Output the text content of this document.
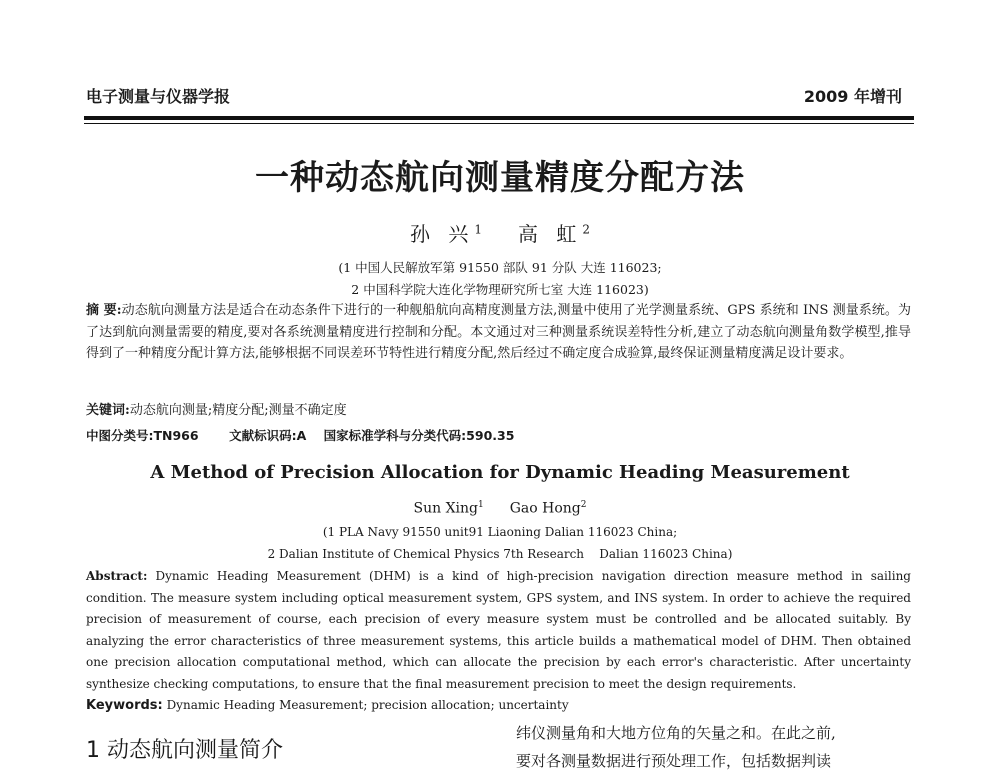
电子测量与仪器学报	2009 年增刊
一种动态航向测量精度分配方法
孙 兴$^1$ 高 虹$^2$
(1 中国人民解放军第 91550 部队 91 分队 大连 116023;
2 中国科学院大连化学物理研究所七室 大连 116023)

摘 要:动态航向测量方法是适合在动态条件下进行的一种舰船航向高精度测量方法,测量中使用了光学测量系统、GPS 系统和 INS 测量系统。为了达到航向测量需要的精度,要对各系统测量精度进行控制和分配。本文通过对三种测量系统误差特性分析,建立了动态航向测量角数学模型,推导得到了一种精度分配计算方法,能够根据不同误差环节特性进行精度分配,然后经过不确定度合成验算,最终保证测量精度满足设计要求。

关键词:动态航向测量;精度分配;测量不确定度

中图分类号:TN966 文献标识码:A 国家标准学科与分类代码:590.35
A Method of Precision Allocation for Dynamic Heading Measurement
Sun Xing$^1$ Gao Hong$^2$
(1 PLA Navy 91550 unit91 Liaoning Dalian 116023 China;
2 Dalian Institute of Chemical Physics 7th Research    Dalian 116023 China)

Abstract: Dynamic Heading Measurement (DHM) is a kind of high-precision navigation direction measure method in sailing condition. The measure system including optical measurement system, GPS system, and INS system. In order to achieve the required precision of measurement of course, each precision of every measure system must be controlled and be allocated suitably. By analyzing the error characteristics of three measurement systems, this article builds a mathematical model of DHM. Then obtained one precision allocation computational method, which can allocate the precision by each error's characteristic. After uncertainty synthesize checking computations, to ensure that the final measurement precision to meet the design requirements.

Keywords: Dynamic Heading Measurement; precision allocation; uncertainty
1 动态航向测量简介
纬仪测量角和大地方位角的矢量之和。在此之前,
要对各测量数据进行预处理工作，包括数据判读
